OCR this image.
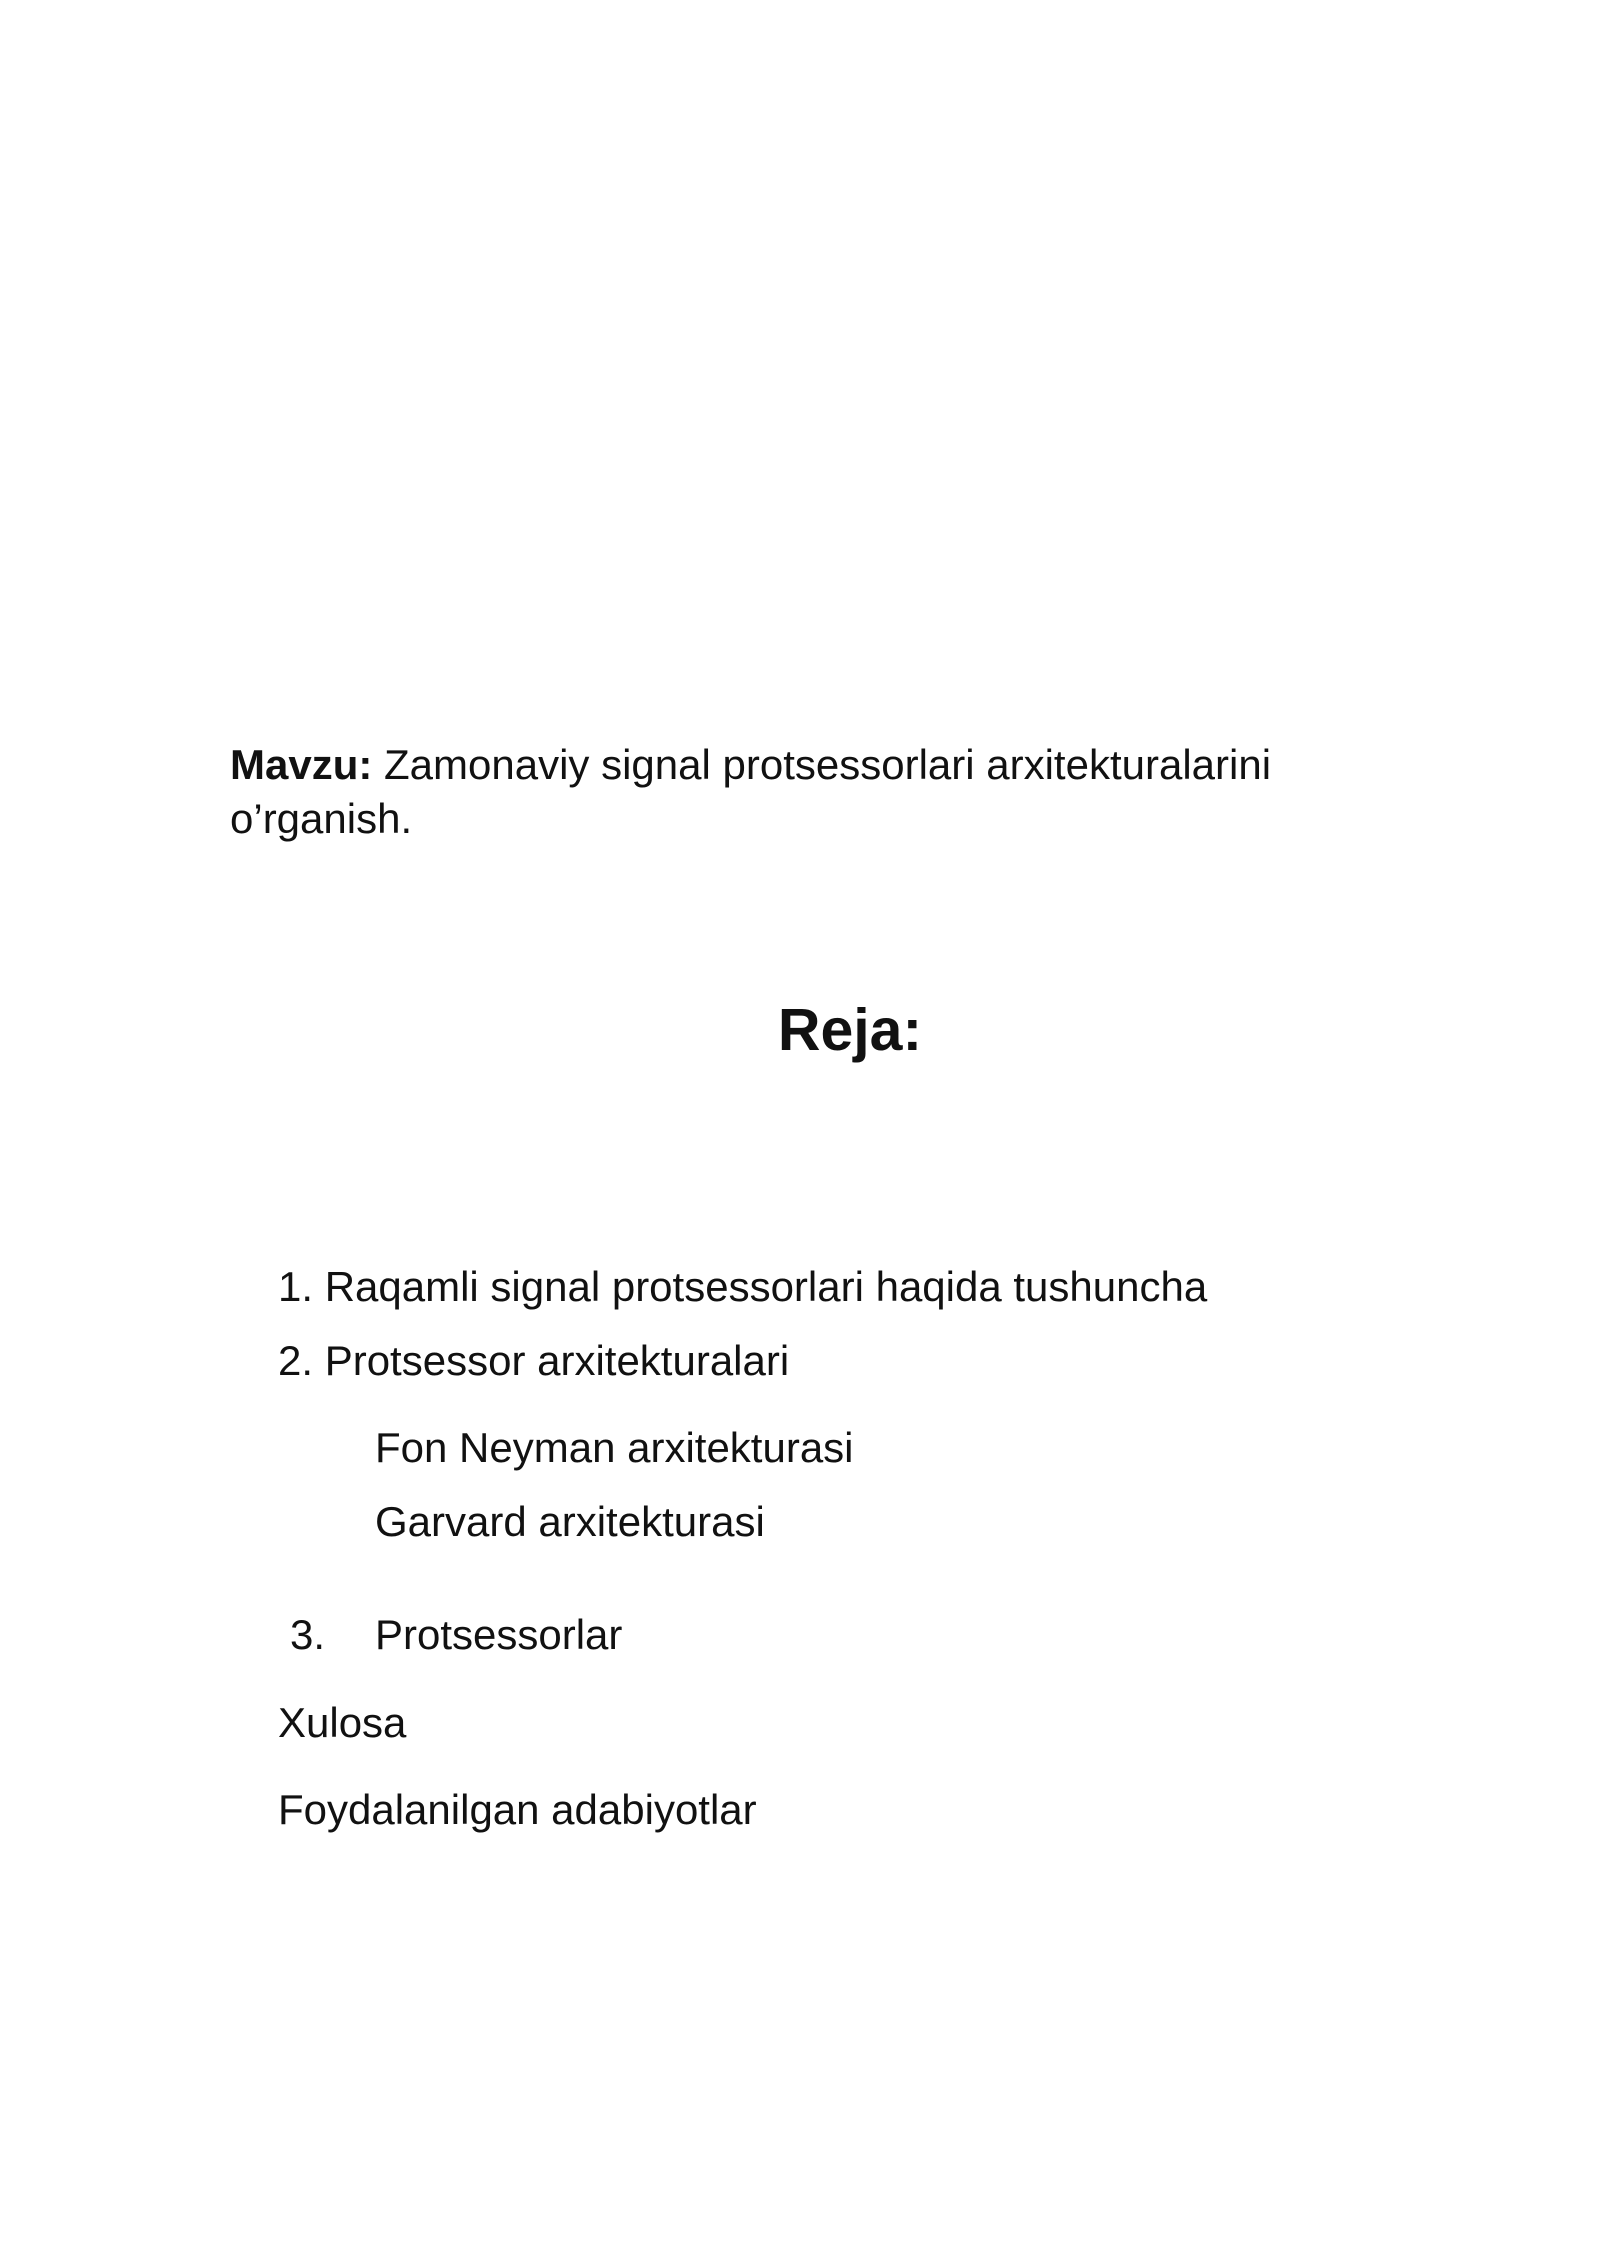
Mavzu: Zamonaviy signal protsessorlari arxitekturalarini o’rganish.
Reja:
1. Raqamli signal protsessorlari haqida tushuncha
2. Protsessor arxitekturalari
Fon Neyman arxitekturasi
Garvard arxitekturasi
3. Protsessorlar
Xulosa
Foydalanilgan adabiyotlar
